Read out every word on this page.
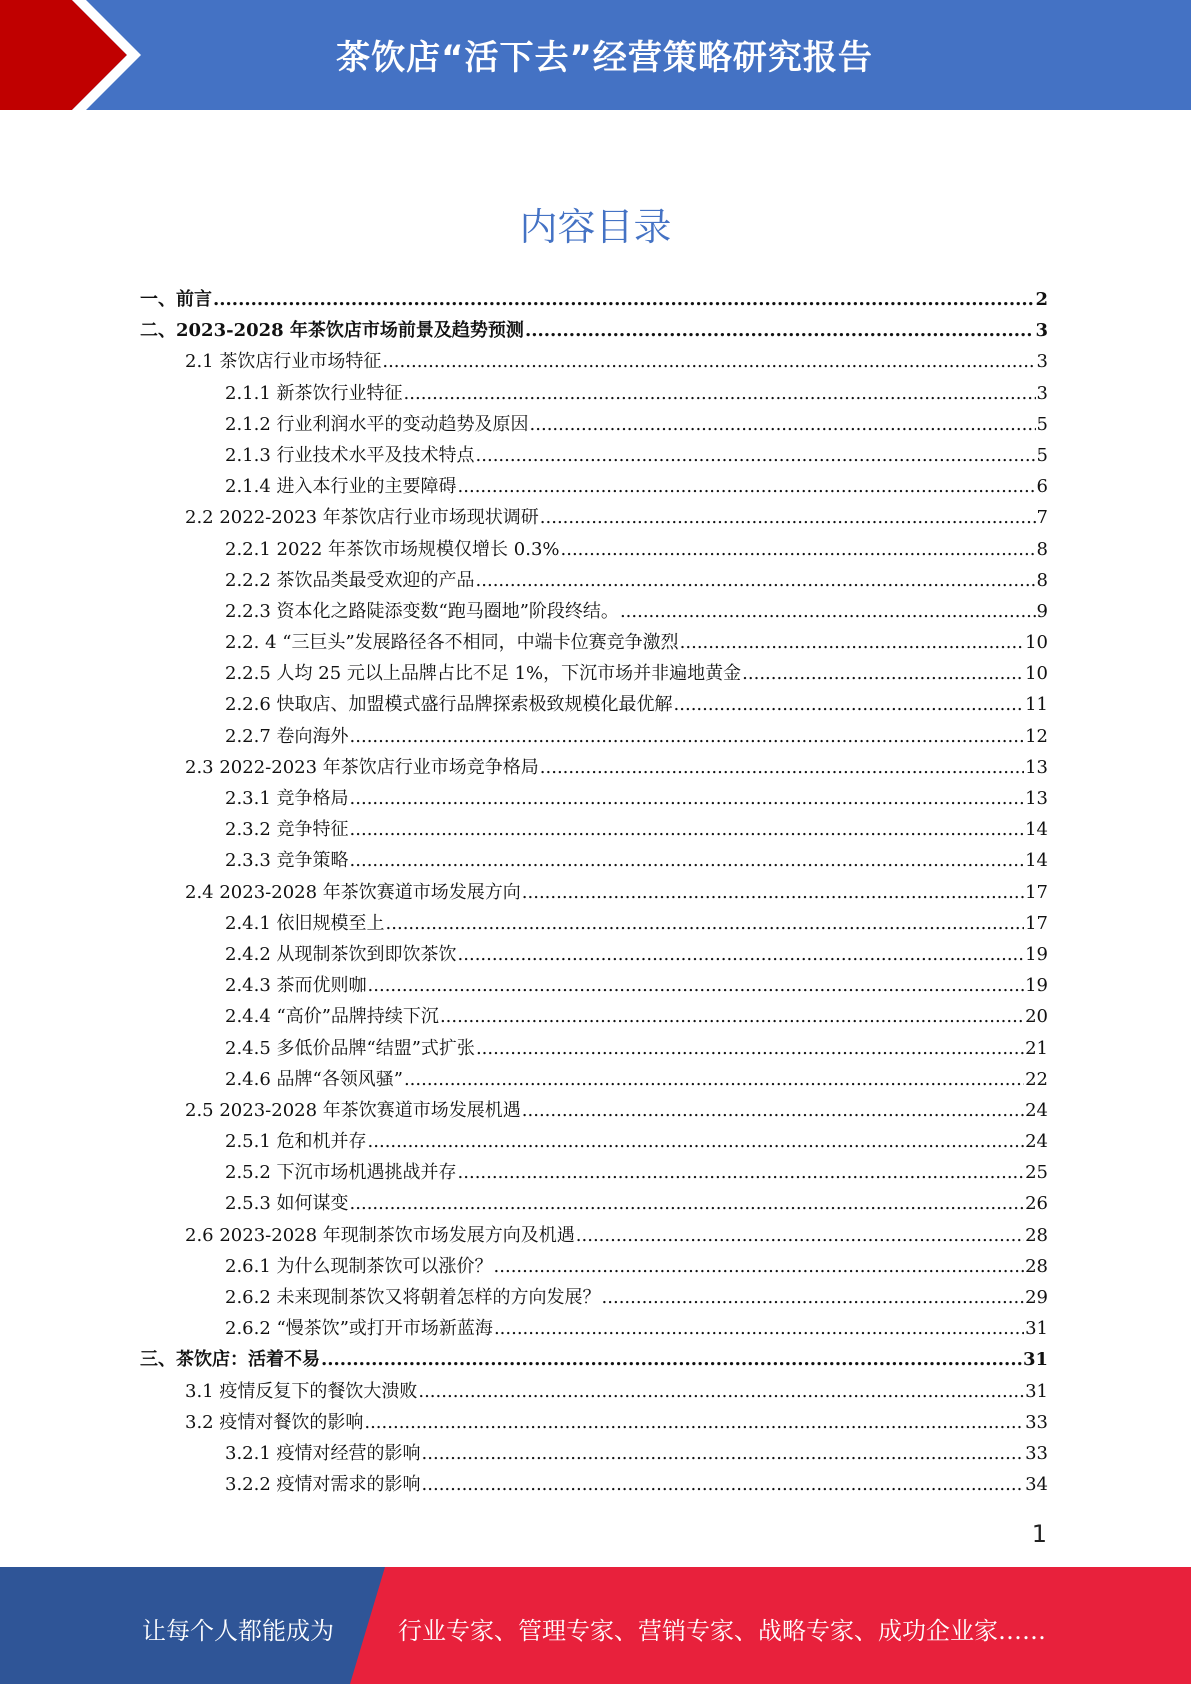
茶饮店“活下去”经营策略研究报告
内容目录
一、前言 .....	2
二、2023-2028 年茶饮店市场前景及趋势预测 .....	3
2.1 茶饮店行业市场特征 .....	3
2.1.1 新茶饮行业特征 .....	3
2.1.2 行业利润水平的变动趋势及原因 .....	5
2.1.3 行业技术水平及技术特点 .....	5
2.1.4 进入本行业的主要障碍 .....	6
2.2 2022-2023 年茶饮店行业市场现状调研 .....	7
2.2.1 2022 年茶饮市场规模仅增长 0.3% .....	8
2.2.2 茶饮品类最受欢迎的产品 .....	8
2.2.3 资本化之路陡添变数“跑马圈地”阶段终结。 .....	9
2.2. 4 “三巨头”发展路径各不相同，中端卡位赛竞争激烈 .....	10
2.2.5 人均 25 元以上品牌占比不足 1%，下沉市场并非遍地黄金 .....	10
2.2.6 快取店、加盟模式盛行品牌探索极致规模化最优解 .....	11
2.2.7 卷向海外 .....	12
2.3 2022-2023 年茶饮店行业市场竞争格局 .....	13
2.3.1 竞争格局 .....	13
2.3.2 竞争特征 .....	14
2.3.3 竞争策略 .....	14
2.4 2023-2028 年茶饮赛道市场发展方向 .....	17
2.4.1 依旧规模至上 .....	17
2.4.2 从现制茶饮到即饮茶饮 .....	19
2.4.3 茶而优则咖 .....	19
2.4.4 “高价”品牌持续下沉 .....	20
2.4.5 多低价品牌“结盟”式扩张 .....	21
2.4.6 品牌“各领风骚” .....	22
2.5 2023-2028 年茶饮赛道市场发展机遇 .....	24
2.5.1 危和机并存 .....	24
2.5.2 下沉市场机遇挑战并存 .....	25
2.5.3 如何谋变 .....	26
2.6 2023-2028 年现制茶饮市场发展方向及机遇 .....	28
2.6.1 为什么现制茶饮可以涨价？ .....	28
2.6.2 未来现制茶饮又将朝着怎样的方向发展？ .....	29
2.6.2 “慢茶饮”或打开市场新蓝海 .....	31
三、茶饮店：活着不易 .....	31
3.1 疫情反复下的餐饮大溃败 .....	31
3.2 疫情对餐饮的影响 .....	33
3.2.1 疫情对经营的影响 .....	33
3.2.2 疫情对需求的影响 .....	34
1
让每个人都能成为	行业专家、管理专家、营销专家、战略专家、成功企业家……
